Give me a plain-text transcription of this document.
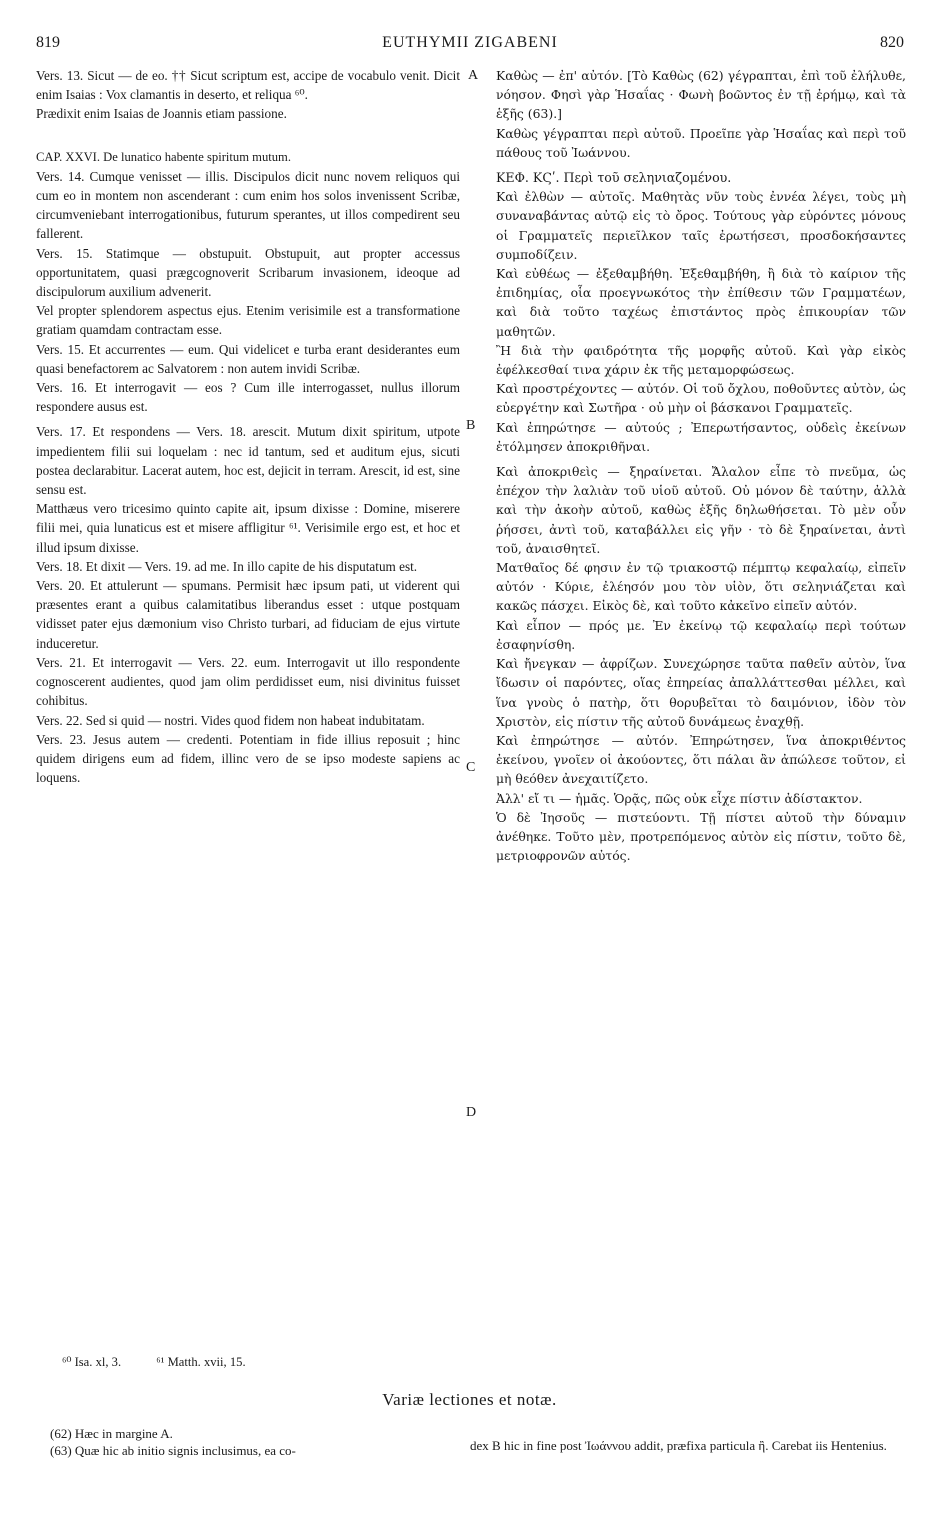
819	EUTHYMII ZIGABENI	820

Vers. 13. Sicut — de eo. †† Sicut scriptum est, accipe de vocabulo venit. Dicit enim Isaias : Vox clamantis in deserto, et reliqua ⁶⁰.

Prædixit enim Isaias de Joannis etiam passione.

CAP. XXVI. De lunatico habente spiritum mutum.

Vers. 14. Cumque venisset — illis. Discipulos dicit nunc novem reliquos qui cum eo in montem non ascenderant : cum enim hos solos invenissent Scribæ, circumveniebant interrogationibus, futurum sperantes, ut illos compedirent seu fallerent.

Vers. 15. Statimque — obstupuit. Obstupuit, aut propter accessus opportunitatem, quasi prægcognoverit Scribarum invasionem, ideoque ad discipulorum auxilium advenerit.

Vel propter splendorem aspectus ejus. Etenim verisimile est a transformatione gratiam quamdam contractam esse.

Vers. 15. Et accurrentes — eum. Qui videlicet e turba erant desiderantes eum quasi benefactorem ac Salvatorem : non autem invidi Scribæ.

Vers. 16. Et interrogavit — eos ? Cum ille interrogasset, nullus illorum respondere ausus est.

Vers. 17. Et respondens — Vers. 18. arescit. Mutum dixit spiritum, utpote impedientem filii sui loquelam : nec id tantum, sed et auditum ejus, sicuti postea declarabitur. Lacerat autem, hoc est, dejicit in terram. Arescit, id est, sine sensu est.

Matthæus vero tricesimo quinto capite ait, ipsum dixisse : Domine, miserere filii mei, quia lunaticus est et misere affligitur ⁶¹. Verisimile ergo est, et hoc et illud ipsum dixisse.

Vers. 18. Et dixit — Vers. 19. ad me. In illo capite de his disputatum est.

Vers. 20. Et attulerunt — spumans. Permisit hæc ipsum pati, ut viderent qui præsentes erant a quibus calamitatibus liberandus esset : utque postquam vidisset pater ejus dæmonium viso Christo turbari, ad fiduciam de ejus virtute induceretur.

Vers. 21. Et interrogavit — Vers. 22. eum. Interrogavit ut illo respondente cognoscerent audientes, quod jam olim perdidisset eum, nisi divinitus fuisset cohibitus.

Vers. 22. Sed si quid — nostri. Vides quod fidem non habeat indubitatam.

Vers. 23. Jesus autem — credenti. Potentiam in fide illius reposuit ; hinc quidem dirigens eum ad fidem, illinc vero de se ipso modeste sapiens ac loquens.

A
B
C
D

Καθὼς — ἐπ' αὐτόν. [Τὸ Καθὼς (62) γέγραπται, ἐπὶ τοῦ ἐλήλυθε, νόησον. Φησὶ γὰρ Ἡσαΐας · Φωνὴ βοῶντος ἐν τῇ ἐρήμῳ, καὶ τὰ ἑξῆς (63).]

Καθὼς γέγραπται περὶ αὐτοῦ. Προεῖπε γὰρ Ἡσαΐας καὶ περὶ τοῦ πάθους τοῦ Ἰωάννου.

ΚΕΦ. ΚϚʹ. Περὶ τοῦ σεληνιαζομένου.

Καὶ ἐλθὼν — αὐτοῖς. Μαθητὰς νῦν τοὺς ἐννέα λέγει, τοὺς μὴ συναναβάντας αὐτῷ εἰς τὸ ὄρος. Τούτους γὰρ εὑρόντες μόνους οἱ Γραμματεῖς περιεῖλκον ταῖς ἐρωτήσεσι, προσδοκήσαντες συμποδίζειν.

Καὶ εὐθέως — ἐξεθαμβήθη. Ἐξεθαμβήθη, ἢ διὰ τὸ καίριον τῆς ἐπιδημίας, οἷα προεγνωκότος τὴν ἐπίθεσιν τῶν Γραμματέων, καὶ διὰ τοῦτο ταχέως ἐπιστάντος πρὸς ἐπικουρίαν τῶν μαθητῶν.

Ἢ διὰ τὴν φαιδρότητα τῆς μορφῆς αὐτοῦ. Καὶ γὰρ εἰκὸς ἐφέλκεσθαί τινα χάριν ἐκ τῆς μεταμορφώσεως.

Καὶ προστρέχοντες — αὐτόν. Οἱ τοῦ ὄχλου, ποθοῦντες αὐτὸν, ὡς εὐεργέτην καὶ Σωτῆρα · οὐ μὴν οἱ βάσκανοι Γραμματεῖς.

Καὶ ἐπηρώτησε — αὐτούς ; Ἐπερωτήσαντος, οὐδεὶς ἐκείνων ἐτόλμησεν ἀποκριθῆναι.

Καὶ ἀποκριθεὶς — ξηραίνεται. Ἄλαλον εἶπε τὸ πνεῦμα, ὡς ἐπέχον τὴν λαλιὰν τοῦ υἱοῦ αὐτοῦ. Οὐ μόνον δὲ ταύτην, ἀλλὰ καὶ τὴν ἀκοὴν αὐτοῦ, καθὼς ἑξῆς δηλωθήσεται. Τὸ μὲν οὖν ῥήσσει, ἀντὶ τοῦ, καταβάλλει εἰς γῆν · τὸ δὲ ξηραίνεται, ἀντὶ τοῦ, ἀναισθητεῖ.

Ματθαῖος δέ φησιν ἐν τῷ τριακοστῷ πέμπτῳ κεφαλαίῳ, εἰπεῖν αὐτόν · Κύριε, ἐλέησόν μου τὸν υἱὸν, ὅτι σεληνιάζεται καὶ κακῶς πάσχει. Εἰκὸς δὲ, καὶ τοῦτο κἀκεῖνο εἰπεῖν αὐτόν.

Καὶ εἶπον — πρός με. Ἐν ἐκείνῳ τῷ κεφαλαίῳ περὶ τούτων ἐσαφηνίσθη.

Καὶ ἤνεγκαν — ἀφρίζων. Συνεχώρησε ταῦτα παθεῖν αὐτὸν, ἵνα ἴδωσιν οἱ παρόντες, οἵας ἐπηρείας ἀπαλλάττεσθαι μέλλει, καὶ ἵνα γνοὺς ὁ πατὴρ, ὅτι θορυβεῖται τὸ δαιμόνιον, ἰδὸν τὸν Χριστὸν, εἰς πίστιν τῆς αὐτοῦ δυνάμεως ἐναχθῇ.

Καὶ ἐπηρώτησε — αὐτόν. Ἐπηρώτησεν, ἵνα ἀποκριθέντος ἐκείνου, γνοῖεν οἱ ἀκούοντες, ὅτι πάλαι ἂν ἀπώλεσε τοῦτον, εἰ μὴ θεόθεν ἀνεχαιτίζετο.

Ἀλλ' εἴ τι — ἡμᾶς. Ὁρᾷς, πῶς οὐκ εἶχε πίστιν ἀδίστακτον.

Ὁ δὲ Ἰησοῦς — πιστεύοντι. Τῇ πίστει αὐτοῦ τὴν δύναμιν ἀνέθηκε. Τοῦτο μὲν, προτρεπόμενος αὐτὸν εἰς πίστιν, τοῦτο δὲ, μετριοφρονῶν αὐτός.

⁶⁰ Isa. xl, 3.	⁶¹ Matth. xvii, 15.
Variæ lectiones et notæ.

(62) Hæc in margine A.

(63) Quæ hic ab initio signis inclusimus, ea co-	dex B hic in fine post Ἰωάννου addit, præfixa particula ἢ. Carebat iis Hentenius.
